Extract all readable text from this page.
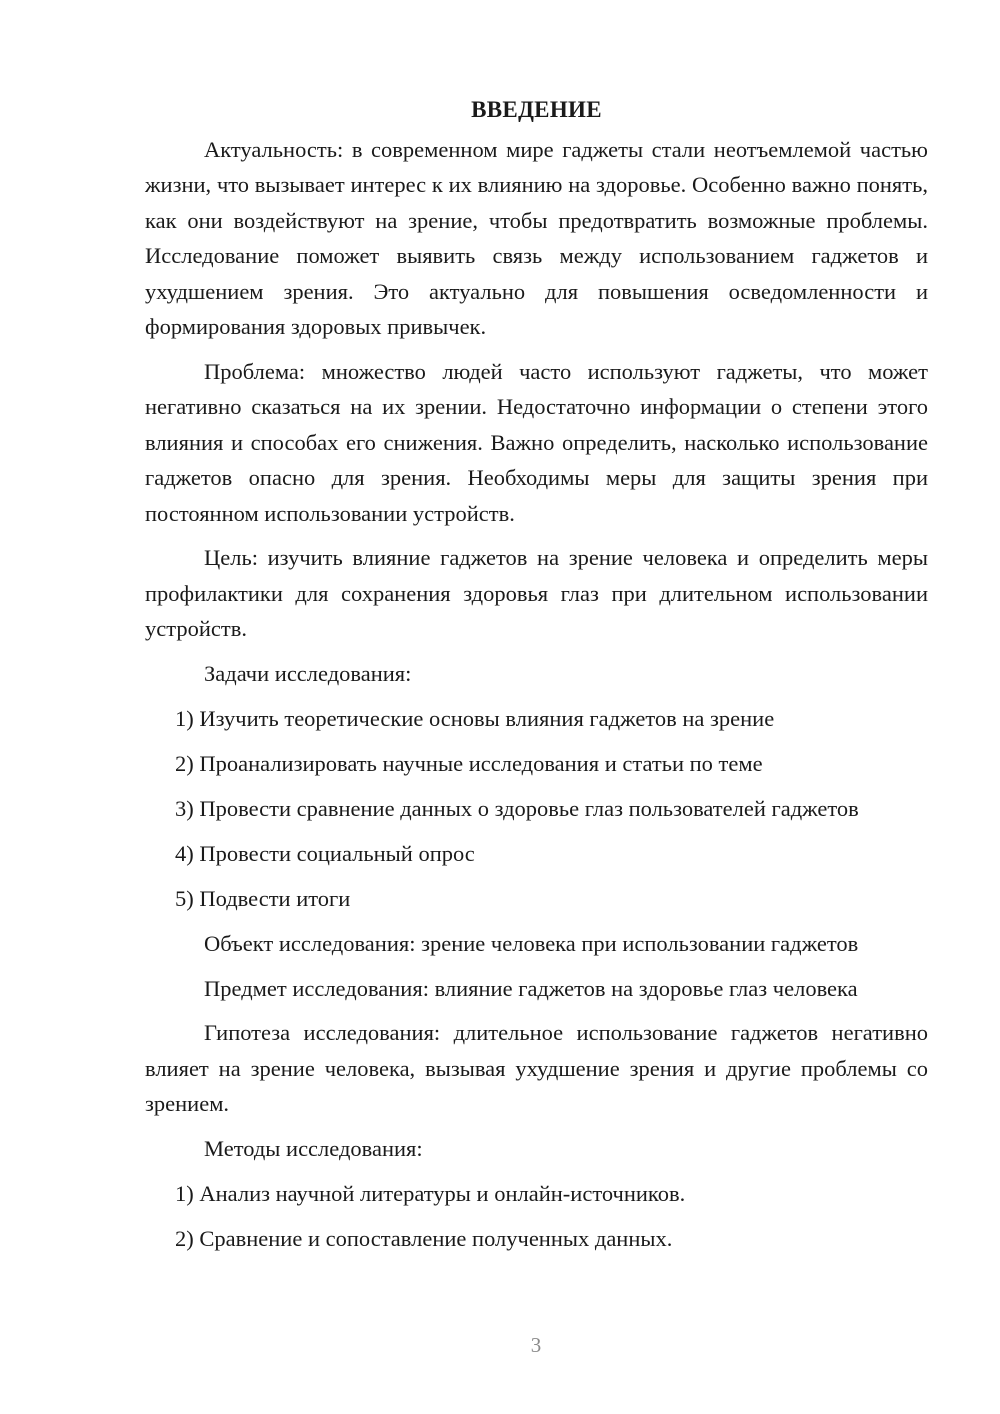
ВВЕДЕНИЕ

Актуальность: в современном мире гаджеты стали неотъемлемой частью жизни, что вызывает интерес к их влиянию на здоровье. Особенно важно понять, как они воздействуют на зрение, чтобы предотвратить возможные проблемы. Исследование поможет выявить связь между использованием гаджетов и ухудшением зрения. Это актуально для повышения осведомленности и формирования здоровых привычек.

Проблема: множество людей часто используют гаджеты, что может негативно сказаться на их зрении. Недостаточно информации о степени этого влияния и способах его снижения. Важно определить, насколько использование гаджетов опасно для зрения. Необходимы меры для защиты зрения при постоянном использовании устройств.

Цель: изучить влияние гаджетов на зрение человека и определить меры профилактики для сохранения здоровья глаз при длительном использовании устройств.

Задачи исследования:

1) Изучить теоретические основы влияния гаджетов на зрение

2) Проанализировать научные исследования и статьи по теме

3) Провести сравнение данных о здоровье глаз пользователей гаджетов

4) Провести социальный опрос

5) Подвести итоги

Объект исследования: зрение человека при использовании гаджетов

Предмет исследования: влияние гаджетов на здоровье глаз человека

Гипотеза исследования: длительное использование гаджетов негативно влияет на зрение человека, вызывая ухудшение зрения и другие проблемы со зрением.

Методы исследования:

1) Анализ научной литературы и онлайн-источников.

2) Сравнение и сопоставление полученных данных.

3
